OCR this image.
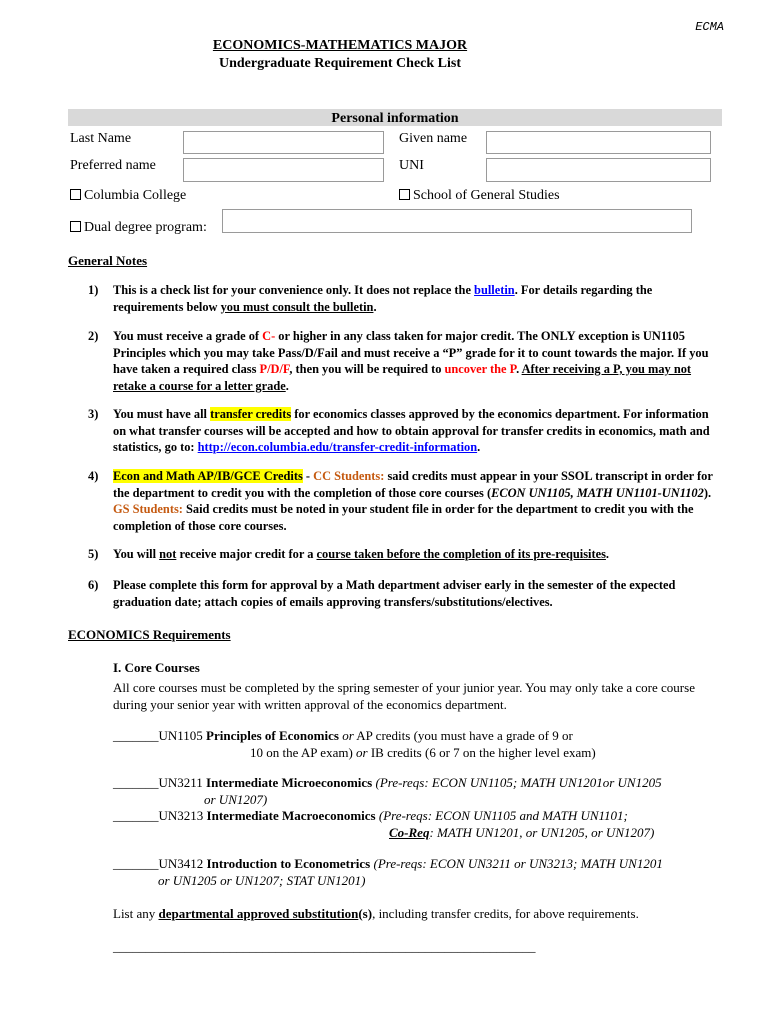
ECMA
ECONOMICS-MATHEMATICS MAJOR
Undergraduate Requirement Check List
Personal information
Last Name	Given name
Preferred name	UNI
Columbia College	School of General Studies
Dual degree program:
General Notes
1) This is a check list for your convenience only. It does not replace the bulletin. For details regarding the requirements below you must consult the bulletin.
2) You must receive a grade of C- or higher in any class taken for major credit. The ONLY exception is UN1105 Principles which you may take Pass/D/Fail and must receive a “P” grade for it to count towards the major. If you have taken a required class P/D/F, then you will be required to uncover the P. After receiving a P, you may not retake a course for a letter grade.
3) You must have all transfer credits for economics classes approved by the economics department. For information on what transfer courses will be accepted and how to obtain approval for transfer credits in economics, math and statistics, go to: http://econ.columbia.edu/transfer-credit-information.
4) Econ and Math AP/IB/GCE Credits - CC Students: said credits must appear in your SSOL transcript in order for the department to credit you with the completion of those core courses (ECON UN1105, MATH UN1101-UN1102). GS Students: Said credits must be noted in your student file in order for the department to credit you with the completion of those core courses.
5) You will not receive major credit for a course taken before the completion of its pre-requisites.
6) Please complete this form for approval by a Math department adviser early in the semester of the expected graduation date; attach copies of emails approving transfers/substitutions/electives.
ECONOMICS Requirements
I. Core Courses
All core courses must be completed by the spring semester of your junior year. You may only take a core course during your senior year with written approval of the economics department.
_______UN1105 Principles of Economics or AP credits (you must have a grade of 9 or
10 on the AP exam) or IB credits (6 or 7 on the higher level exam)
_______UN3211 Intermediate Microeconomics (Pre-reqs: ECON UN1105; MATH UN1201or UN1205
or UN1207)
_______UN3213 Intermediate Macroeconomics (Pre-reqs: ECON UN1105 and MATH UN1101;
Co-Req: MATH UN1201, or UN1205, or UN1207)
_______UN3412 Introduction to Econometrics (Pre-reqs: ECON UN3211 or UN3213; MATH UN1201
or UN1205 or UN1207; STAT UN1201)
List any departmental approved substitution(s), including transfer credits, for above requirements.
_________________________________________________________________
